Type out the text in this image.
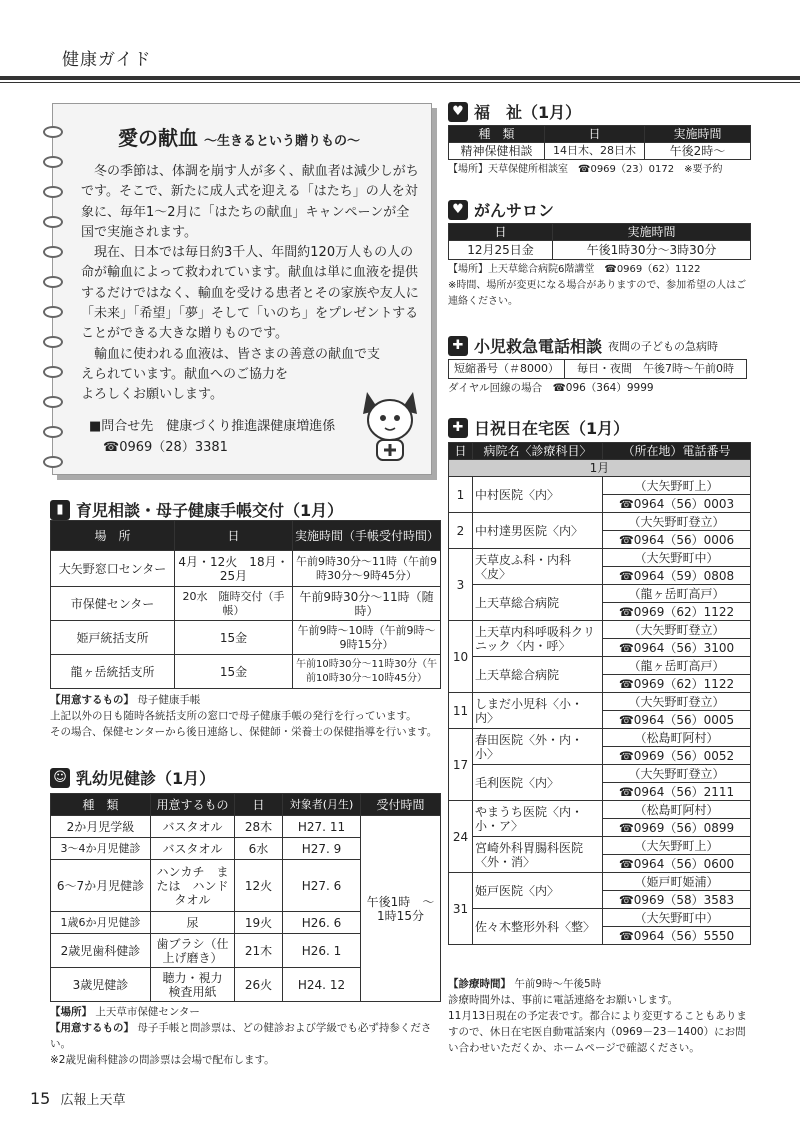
健康ガイド
愛の献血 ～生きるという贈りもの～

冬の季節は、体調を崩す人が多く、献血者は減少しがちです。そこで、新たに成人式を迎える「はたち」の人を対象に、毎年1～2月に「はたちの献血」キャンペーンが全国で実施されます。

現在、日本では毎日約3千人、年間約120万人もの人の命が輸血によって救われています。献血は単に血液を提供するだけではなく、輸血を受ける患者とその家族や友人に「未来」「希望」「夢」そして「いのち」をプレゼントすることができる大きな贈りものです。

輸血に使われる血液は、皆さまの善意の献血で支えられています。献血へのご協力を

よろしくお願いします。

■問合せ先　健康づくり推進課健康増進係
☎0969（28）3381
▮ 育児相談・母子健康手帳交付（1月）
場　所	日	実施時間（手帳受付時間）
大矢野窓口センター	4月・12火　18月・25月	午前9時30分～11時（午前9時30分～9時45分）
市保健センター	20水　随時交付（手帳）	午前9時30分～11時（随　時）
姫戸統括支所	15金	午前9時～10時（午前9時～9時15分）
龍ヶ岳統括支所	15金	午前10時30分～11時30分（午前10時30分～10時45分）
【用意するもの】 母子健康手帳
上記以外の日も随時各統括支所の窓口で母子健康手帳の発行を行っています。
その場合、保健センターから後日連絡し、保健師・栄養士の保健指導を行います。
☺ 乳幼児健診（1月）
種　類	用意するもの	日	対象者(月生)	受付時間
2か月児学級	バスタオル	28木	H27. 11	午後1時　～　1時15分
3～4か月児健診	バスタオル	6水	H27. 9	
6～7か月児健診	ハンカチ　または　ハンドタオル	12火	H27. 6	
1歳6か月児健診	尿	19火	H26. 6	
2歳児歯科健診	歯ブラシ（仕上げ磨き）	21木	H26. 1	
3歳児健診	聴力・視力　検査用紙	26火	H24. 12	
【場所】 上天草市保健センター
【用意するもの】 母子手帳と問診票は、どの健診および学級でも必ず持参ください。
※2歳児歯科健診の問診票は会場で配布します。
♥ 福　祉（1月）
種　類	日	実施時間
精神保健相談	14日木、28日木	午後2時～
【場所】天草保健所相談室　☎0969（23）0172　※要予約
♥ がんサロン
日	実施時間
12月25日金	午後1時30分～3時30分
【場所】上天草総合病院6階講堂　☎0969（62）1122
※時間、場所が変更になる場合がありますので、参加希望の人はご連絡ください。
✚ 小児救急電話相談 夜間の子どもの急病時
短縮番号（＃8000）	毎日・夜間　午後7時～午前0時
ダイヤル回線の場合　☎096（364）9999
✚ 日祝日在宅医（1月）
日	病院名〈診療科目〉	（所在地）電話番号
1月		
1	中村医院〈内〉	（大矢野町上）
		☎0964（56）0003
2	中村達男医院〈内〉	（大矢野町登立）
		☎0964（56）0006
3	天草皮ふ科・内科〈皮〉	（大矢野町中）
		☎0964（59）0808
	上天草総合病院	（龍ヶ岳町高戸）
		☎0969（62）1122
10	上天草内科呼吸科クリニック〈内・呼〉	（大矢野町登立）
		☎0964（56）3100
	上天草総合病院	（龍ヶ岳町高戸）
		☎0969（62）1122
11	しまだ小児科〈小・内〉	（大矢野町登立）
		☎0964（56）0005
17	春田医院〈外・内・小〉	（松島町阿村）
		☎0969（56）0052
	毛利医院〈内〉	（大矢野町登立）
		☎0964（56）2111
24	やまうち医院〈内・小・ア〉	（松島町阿村）
		☎0969（56）0899
	宮崎外科胃腸科医院〈外・消〉	（大矢野町上）
		☎0964（56）0600
31	姫戸医院〈内〉	（姫戸町姫浦）
		☎0969（58）3583
	佐々木整形外科〈整〉	（大矢野町中）
		☎0964（56）5550
【診療時間】 午前9時～午後5時
診療時間外は、事前に電話連絡をお願いします。
11月13日現在の予定表です。都合により変更することもありますので、休日在宅医自動電話案内（0969－23－1400）にお問い合わせいただくか、ホームページで確認ください。
15 広報上天草
